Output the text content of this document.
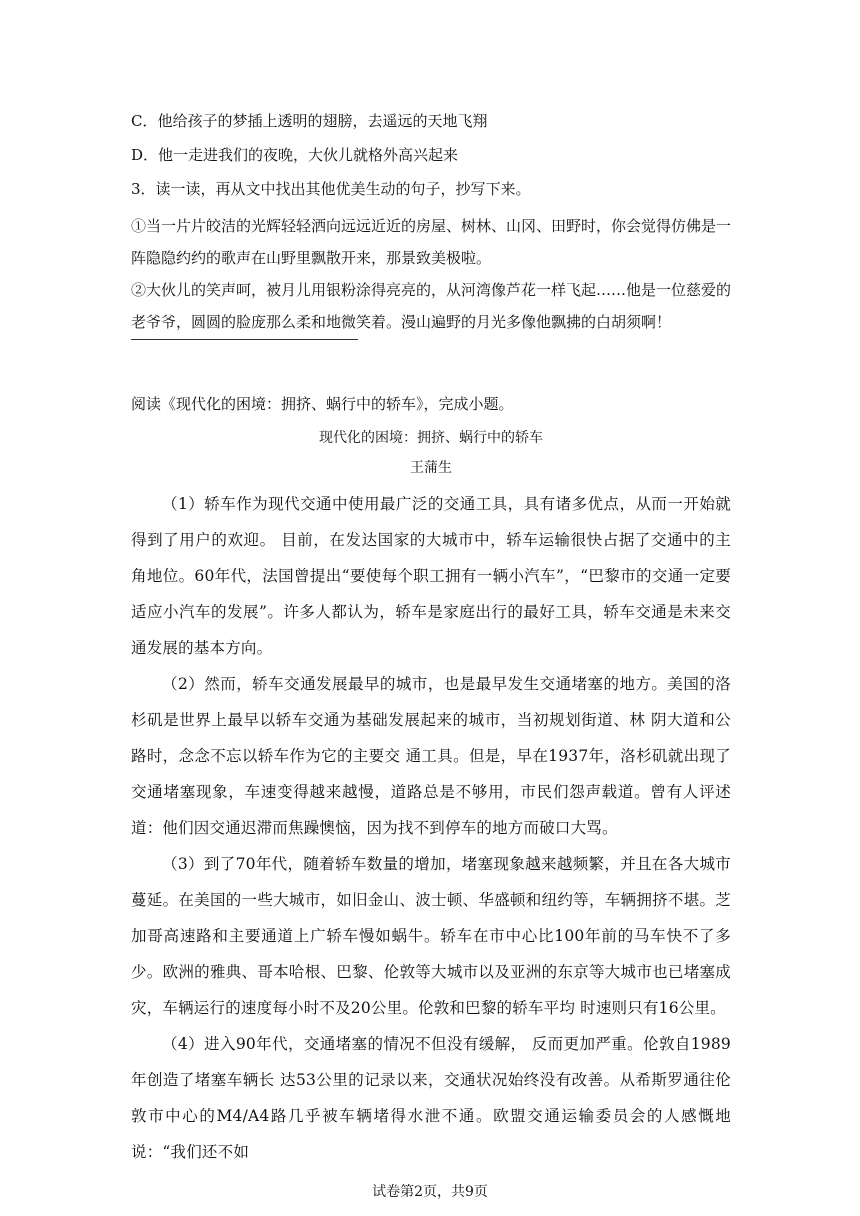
C．他给孩子的梦插上透明的翅膀，去遥远的天地飞翔

D．他一走进我们的夜晚，大伙儿就格外高兴起来

3．读一读，再从文中找出其他优美生动的句子，抄写下来。

①当一片片皎洁的光辉轻轻洒向远远近近的房屋、树林、山冈、田野时，你会觉得仿佛是一阵隐隐约约的歌声在山野里飘散开来，那景致美极啦。

②大伙儿的笑声呵，被月儿用银粉涂得亮亮的，从河湾像芦花一样飞起……他是一位慈爱的老爷爷，圆圆的脸庞那么柔和地微笑着。漫山遍野的月光多像他飘拂的白胡须啊！

阅读《现代化的困境：拥挤、蜗行中的轿车》，完成小题。

现代化的困境：拥挤、蜗行中的轿车

王蒲生

（1）轿车作为现代交通中使用最广泛的交通工具，具有诸多优点，从而一开始就得到了用户的欢迎。 目前，在发达国家的大城市中，轿车运输很快占据了交通中的主角地位。60年代，法国曾提出“要使每个职工拥有一辆小汽车”，“巴黎市的交通一定要适应小汽车的发展”。许多人都认为，轿车是家庭出行的最好工具，轿车交通是未来交通发展的基本方向。

（2）然而，轿车交通发展最早的城市，也是最早发生交通堵塞的地方。美国的洛杉矶是世界上最早以轿车交通为基础发展起来的城市，当初规划街道、林 阴大道和公路时，念念不忘以轿车作为它的主要交 通工具。但是，早在1937年，洛杉矶就出现了交通堵塞现象，车速变得越来越慢，道路总是不够用，市民们怨声载道。曾有人评述道：他们因交通迟滞而焦躁懊恼，因为找不到停车的地方而破口大骂。

（3）到了70年代，随着轿车数量的增加，堵塞现象越来越频繁，并且在各大城市蔓延。在美国的一些大城市，如旧金山、波士顿、华盛顿和纽约等，车辆拥挤不堪。芝加哥高速路和主要通道上广轿车慢如蜗牛。轿车在市中心比100年前的马车快不了多少。欧洲的雅典、哥本哈根、巴黎、伦敦等大城市以及亚洲的东京等大城市也已堵塞成灾，车辆运行的速度每小时不及20公里。伦敦和巴黎的轿车平均 时速则只有16公里。

（4）进入90年代，交通堵塞的情况不但没有缓解， 反而更加严重。伦敦自1989年创造了堵塞车辆长 达53公里的记录以来，交通状况始终没有改善。从希斯罗通往伦敦市中心的M4/A4路几乎被车辆堵得水泄不通。欧盟交通运输委员会的人感慨地说：“我们还不如

试卷第2页，共9页
